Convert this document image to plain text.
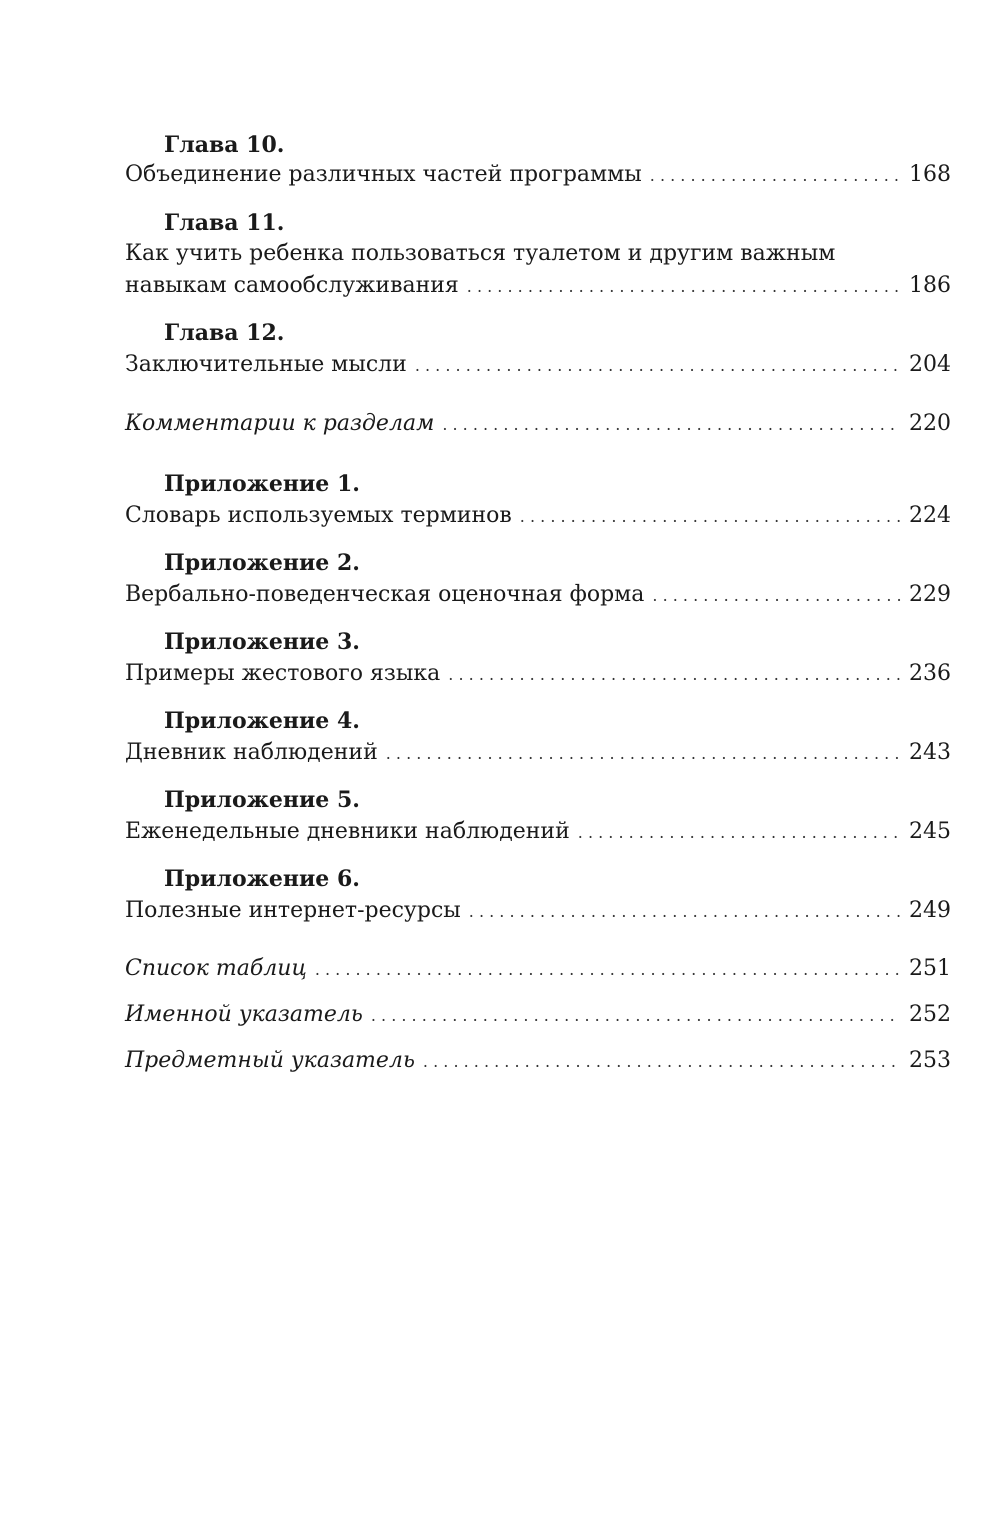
Глава 10.
Объединение различных частей программы . . .	168
Глава 11.
Как учить ребенка пользоваться туалетом и другим важным
навыкам самообслуживания . . .	186
Глава 12.
Заключительные мысли . . .	204
Комментарии к разделам . . .	220
Приложение 1.
Словарь используемых терминов . . .	224
Приложение 2.
Вербально-поведенческая оценочная форма . . .	229
Приложение 3.
Примеры жестового языка . . .	236
Приложение 4.
Дневник наблюдений . . .	243
Приложение 5.
Еженедельные дневники наблюдений . . .	245
Приложение 6.
Полезные интернет-ресурсы . . .	249
Список таблиц . . .	251
Именной указатель . . .	252
Предметный указатель . . .	253
